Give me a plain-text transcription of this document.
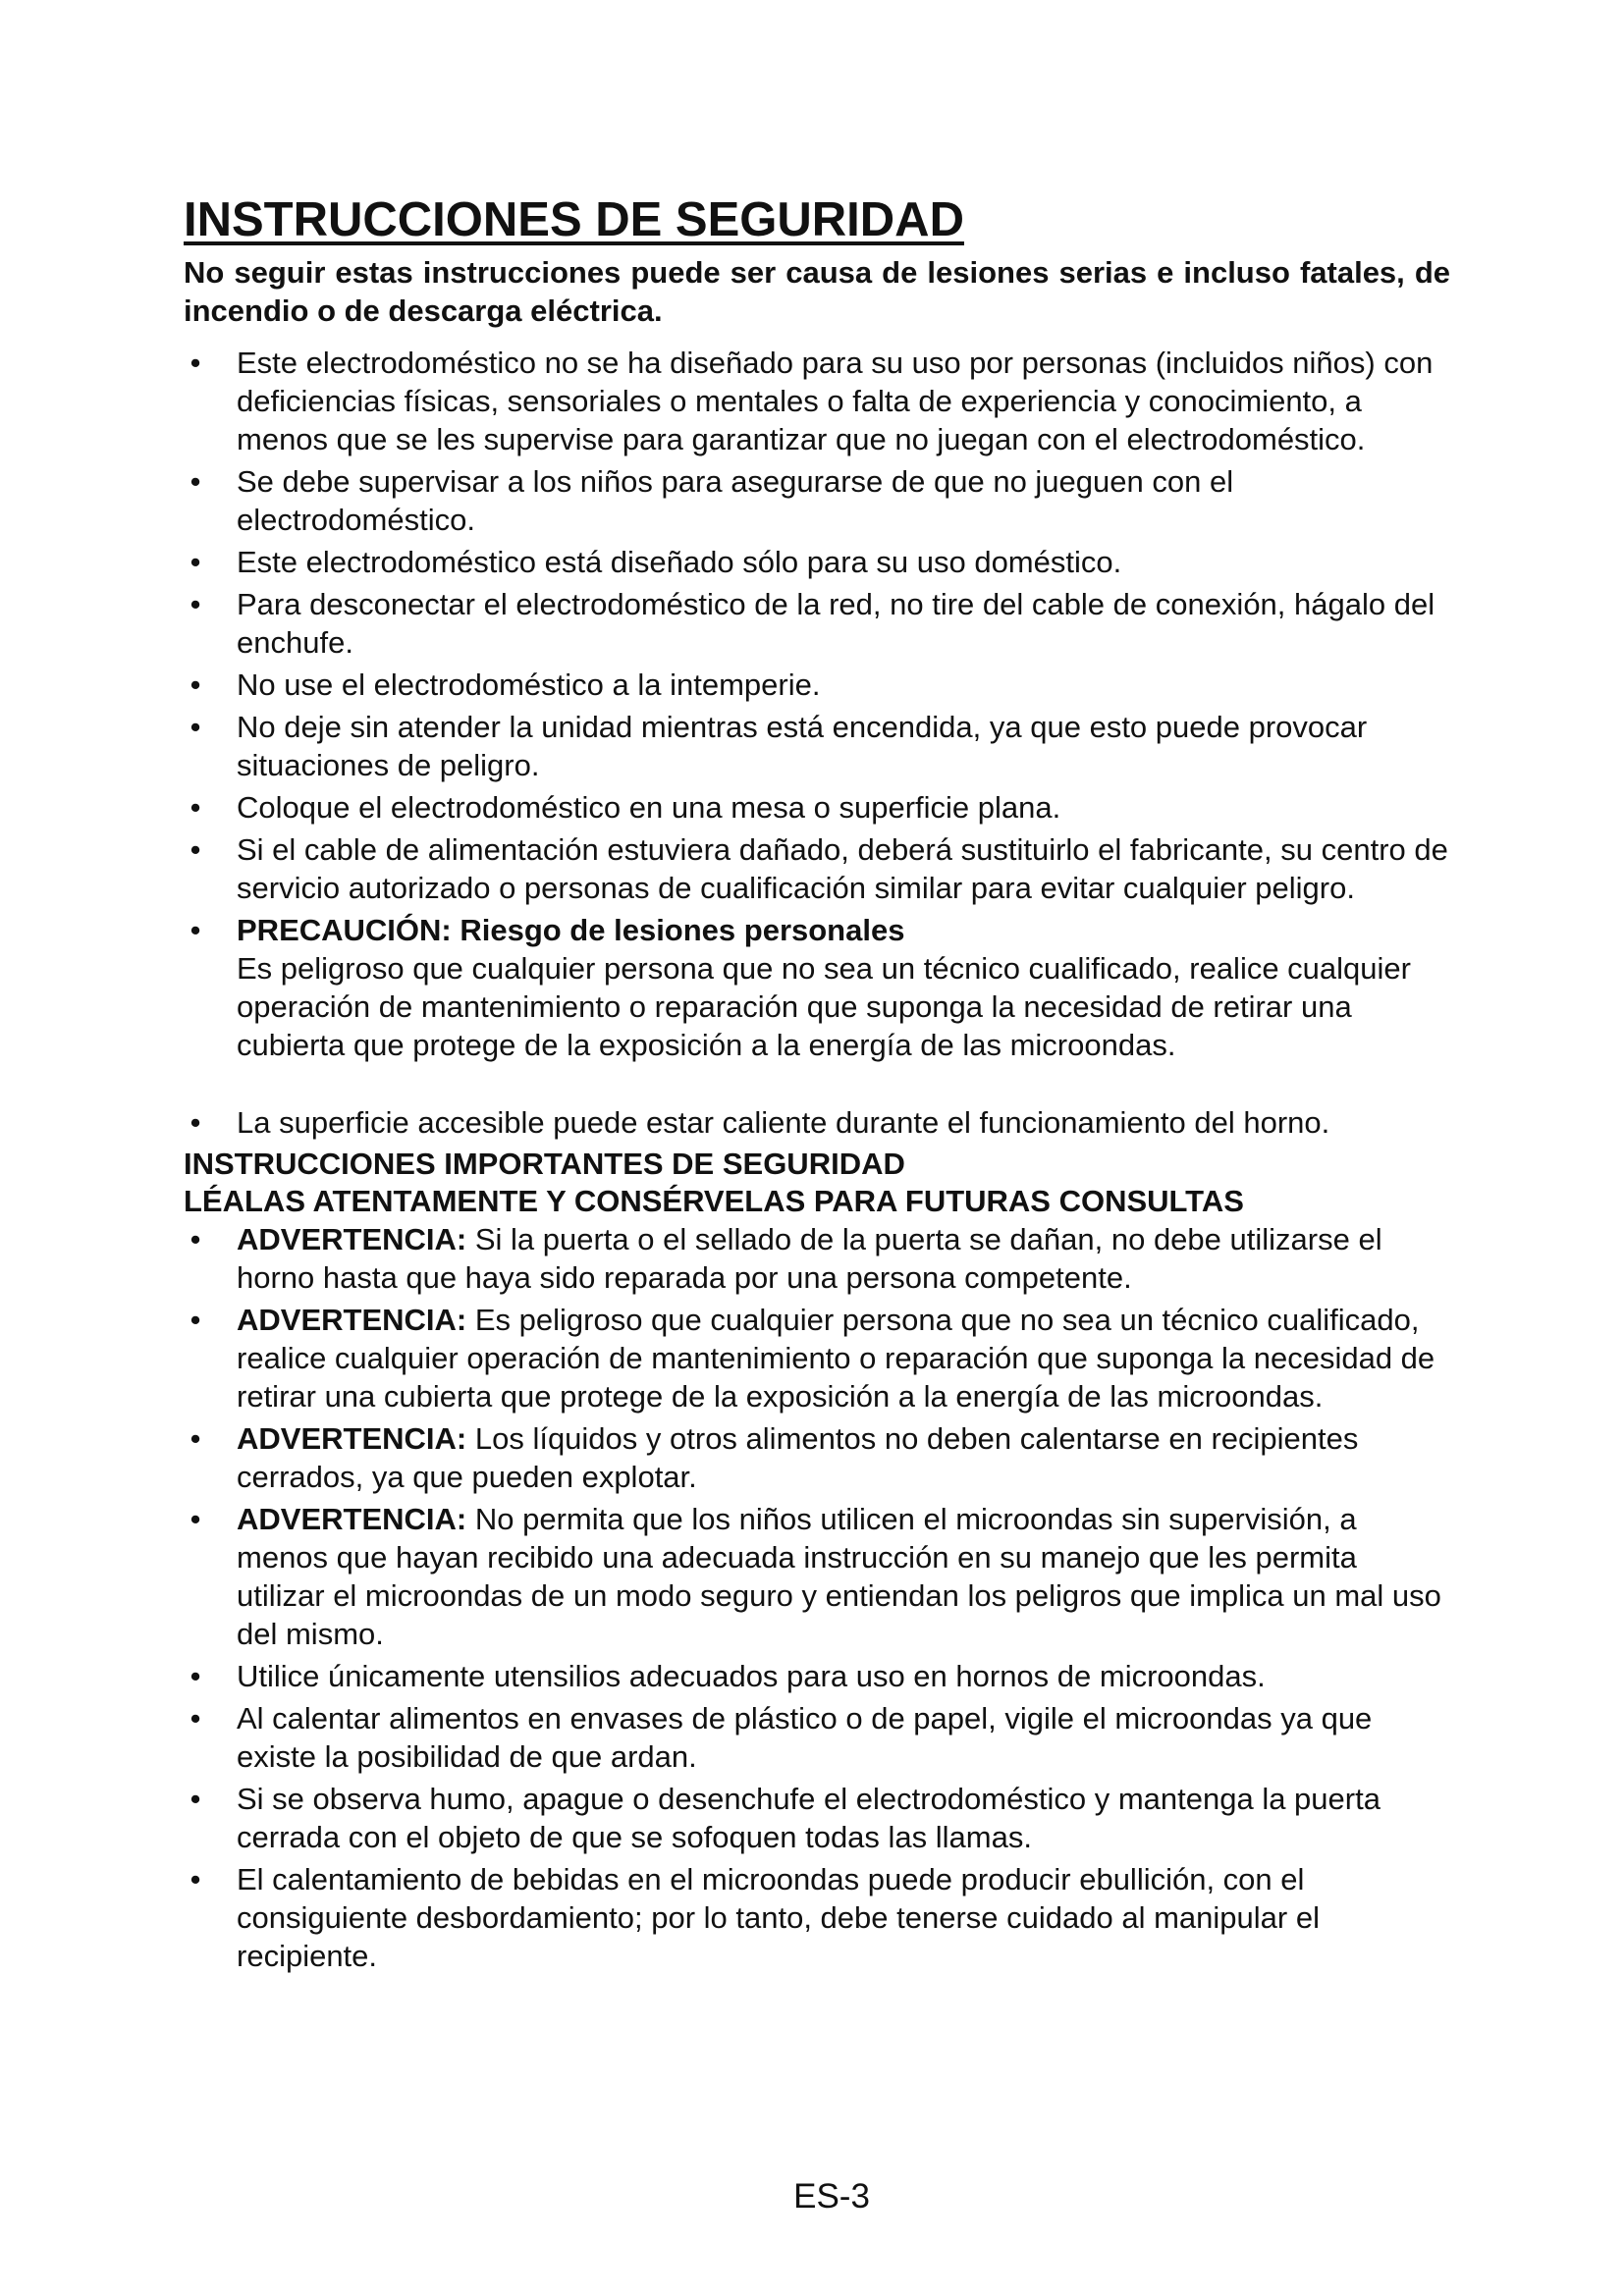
INSTRUCCIONES DE SEGURIDAD

No seguir estas instrucciones puede ser causa de lesiones serias e incluso fatales, de incendio o de descarga eléctrica.

• Este electrodoméstico no se ha diseñado para su uso por personas (incluidos niños) con deficiencias físicas, sensoriales o mentales o falta de experiencia y conocimiento, a menos que se les supervise para garantizar que no juegan con el electrodoméstico.
• Se debe supervisar a los niños para asegurarse de que no jueguen con el electrodoméstico.
• Este electrodoméstico está diseñado sólo para su uso doméstico.
• Para desconectar el electrodoméstico de la red, no tire del cable de conexión, hágalo del enchufe.
• No use el electrodoméstico a la intemperie.
• No deje sin atender la unidad mientras está encendida, ya que esto puede provocar situaciones de peligro.
• Coloque el electrodoméstico en una mesa o superficie plana.
• Si el cable de alimentación estuviera dañado, deberá sustituirlo el fabricante, su centro de servicio autorizado o personas de cualificación similar para evitar cualquier peligro.
• PRECAUCIÓN: Riesgo de lesiones personales
Es peligroso que cualquier persona que no sea un técnico cualificado, realice cualquier operación de mantenimiento o reparación que suponga la necesidad de retirar una cubierta que protege de la exposición a la energía de las microondas.
• La superficie accesible puede estar caliente durante el funcionamiento del horno.

INSTRUCCIONES IMPORTANTES DE SEGURIDAD

LÉALAS ATENTAMENTE Y CONSÉRVELAS PARA FUTURAS CONSULTAS

• ADVERTENCIA: Si la puerta o el sellado de la puerta se dañan, no debe utilizarse el horno hasta que haya sido reparada por una persona competente.
• ADVERTENCIA: Es peligroso que cualquier persona que no sea un técnico cualificado, realice cualquier operación de mantenimiento o reparación que suponga la necesidad de retirar una cubierta que protege de la exposición a la energía de las microondas.
• ADVERTENCIA: Los líquidos y otros alimentos no deben calentarse en recipientes cerrados, ya que pueden explotar.
• ADVERTENCIA: No permita que los niños utilicen el microondas sin supervisión, a menos que hayan recibido una adecuada instrucción en su manejo que les permita utilizar el microondas de un modo seguro y entiendan los peligros que implica un mal uso del mismo.
• Utilice únicamente utensilios adecuados para uso en hornos de microondas.
• Al calentar alimentos en envases de plástico o de papel, vigile el microondas ya que existe la posibilidad de que ardan.
• Si se observa humo, apague o desenchufe el electrodoméstico y mantenga la puerta cerrada con el objeto de que se sofoquen todas las llamas.
• El calentamiento de bebidas en el microondas puede producir ebullición, con el consiguiente desbordamiento; por lo tanto, debe tenerse cuidado al manipular el recipiente.
ES-3
